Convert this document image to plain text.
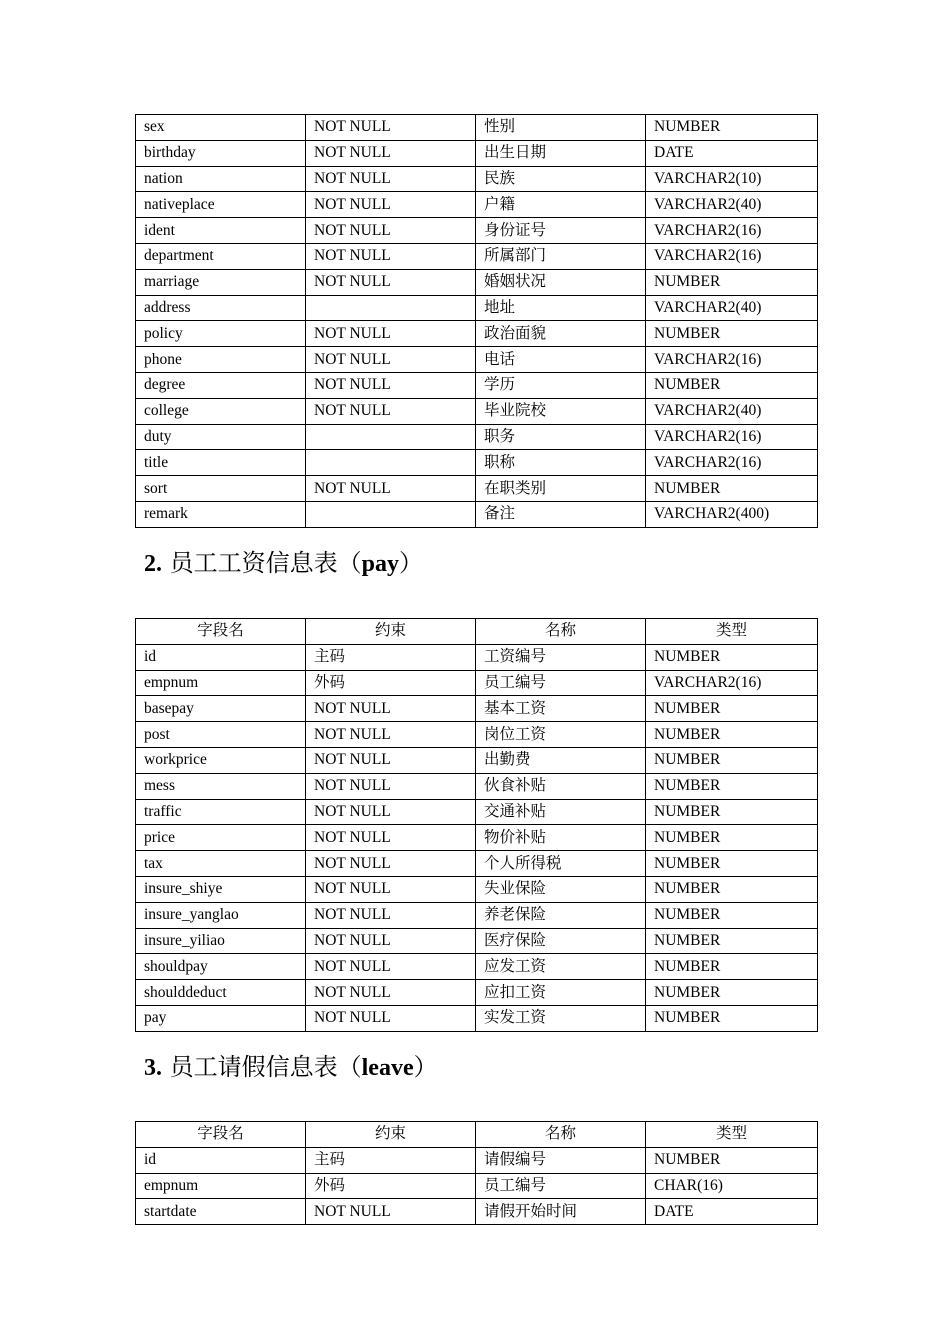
sex	NOT NULL	性别	NUMBER
birthday	NOT NULL	出生日期	DATE
nation	NOT NULL	民族	VARCHAR2(10)
nativeplace	NOT NULL	户籍	VARCHAR2(40)
ident	NOT NULL	身份证号	VARCHAR2(16)
department	NOT NULL	所属部门	VARCHAR2(16)
marriage	NOT NULL	婚姻状况	NUMBER
address		地址	VARCHAR2(40)
policy	NOT NULL	政治面貌	NUMBER
phone	NOT NULL	电话	VARCHAR2(16)
degree	NOT NULL	学历	NUMBER
college	NOT NULL	毕业院校	VARCHAR2(40)
duty		职务	VARCHAR2(16)
title		职称	VARCHAR2(16)
sort	NOT NULL	在职类别	NUMBER
remark		备注	VARCHAR2(400)
2. 员工工资信息表（pay）
字段名	约束	名称	类型
id	主码	工资编号	NUMBER
empnum	外码	员工编号	VARCHAR2(16)
basepay	NOT NULL	基本工资	NUMBER
post	NOT NULL	岗位工资	NUMBER
workprice	NOT NULL	出勤费	NUMBER
mess	NOT NULL	伙食补贴	NUMBER
traffic	NOT NULL	交通补贴	NUMBER
price	NOT NULL	物价补贴	NUMBER
tax	NOT NULL	个人所得税	NUMBER
insure_shiye	NOT NULL	失业保险	NUMBER
insure_yanglao	NOT NULL	养老保险	NUMBER
insure_yiliao	NOT NULL	医疗保险	NUMBER
shouldpay	NOT NULL	应发工资	NUMBER
shoulddeduct	NOT NULL	应扣工资	NUMBER
pay	NOT NULL	实发工资	NUMBER
3. 员工请假信息表（leave）
字段名	约束	名称	类型
id	主码	请假编号	NUMBER
empnum	外码	员工编号	CHAR(16)
startdate	NOT NULL	请假开始时间	DATE
